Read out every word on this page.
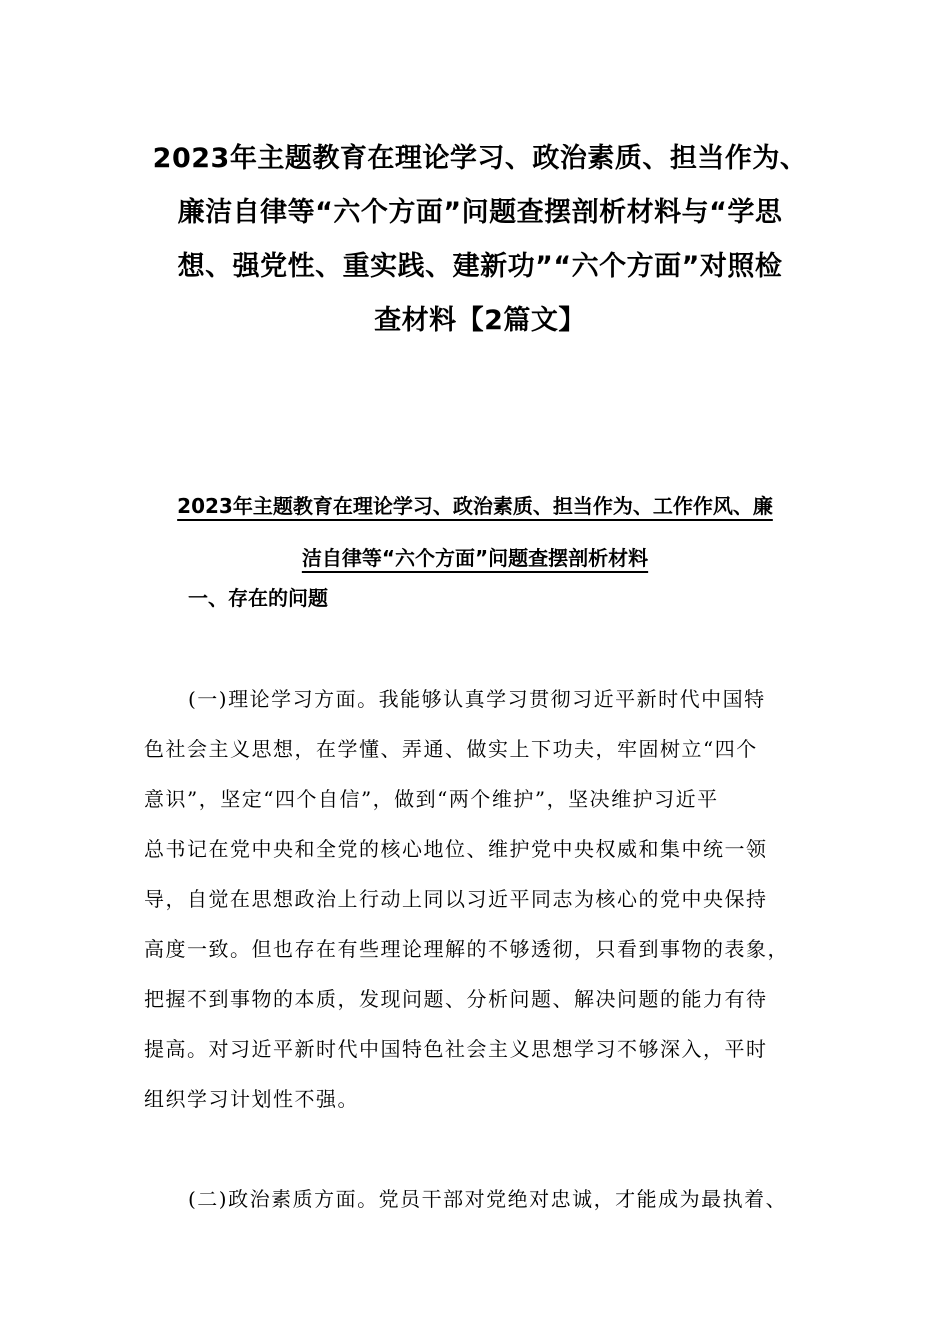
2023年主题教育在理论学习、政治素质、担当作为、
廉洁自律等“六个方面”问题查摆剖析材料与“学思
想、强党性、重实践、建新功”“六个方面”对照检
查材料【2篇文】
2023年主题教育在理论学习、政治素质、担当作为、工作作风、廉
洁自律等“六个方面”问题查摆剖析材料
一、存在的问题
(一)理论学习方面。我能够认真学习贯彻习近平新时代中国特
色社会主义思想，在学懂、弄通、做实上下功夫，牢固树立“四个
意识”，坚定“四个自信”，做到“两个维护”，坚决维护习近平
总书记在党中央和全党的核心地位、维护党中央权威和集中统一领
导，自觉在思想政治上行动上同以习近平同志为核心的党中央保持
高度一致。但也存在有些理论理解的不够透彻，只看到事物的表象，
把握不到事物的本质，发现问题、分析问题、解决问题的能力有待
提高。对习近平新时代中国特色社会主义思想学习不够深入，平时
组织学习计划性不强。
(二)政治素质方面。党员干部对党绝对忠诚，才能成为最执着、
